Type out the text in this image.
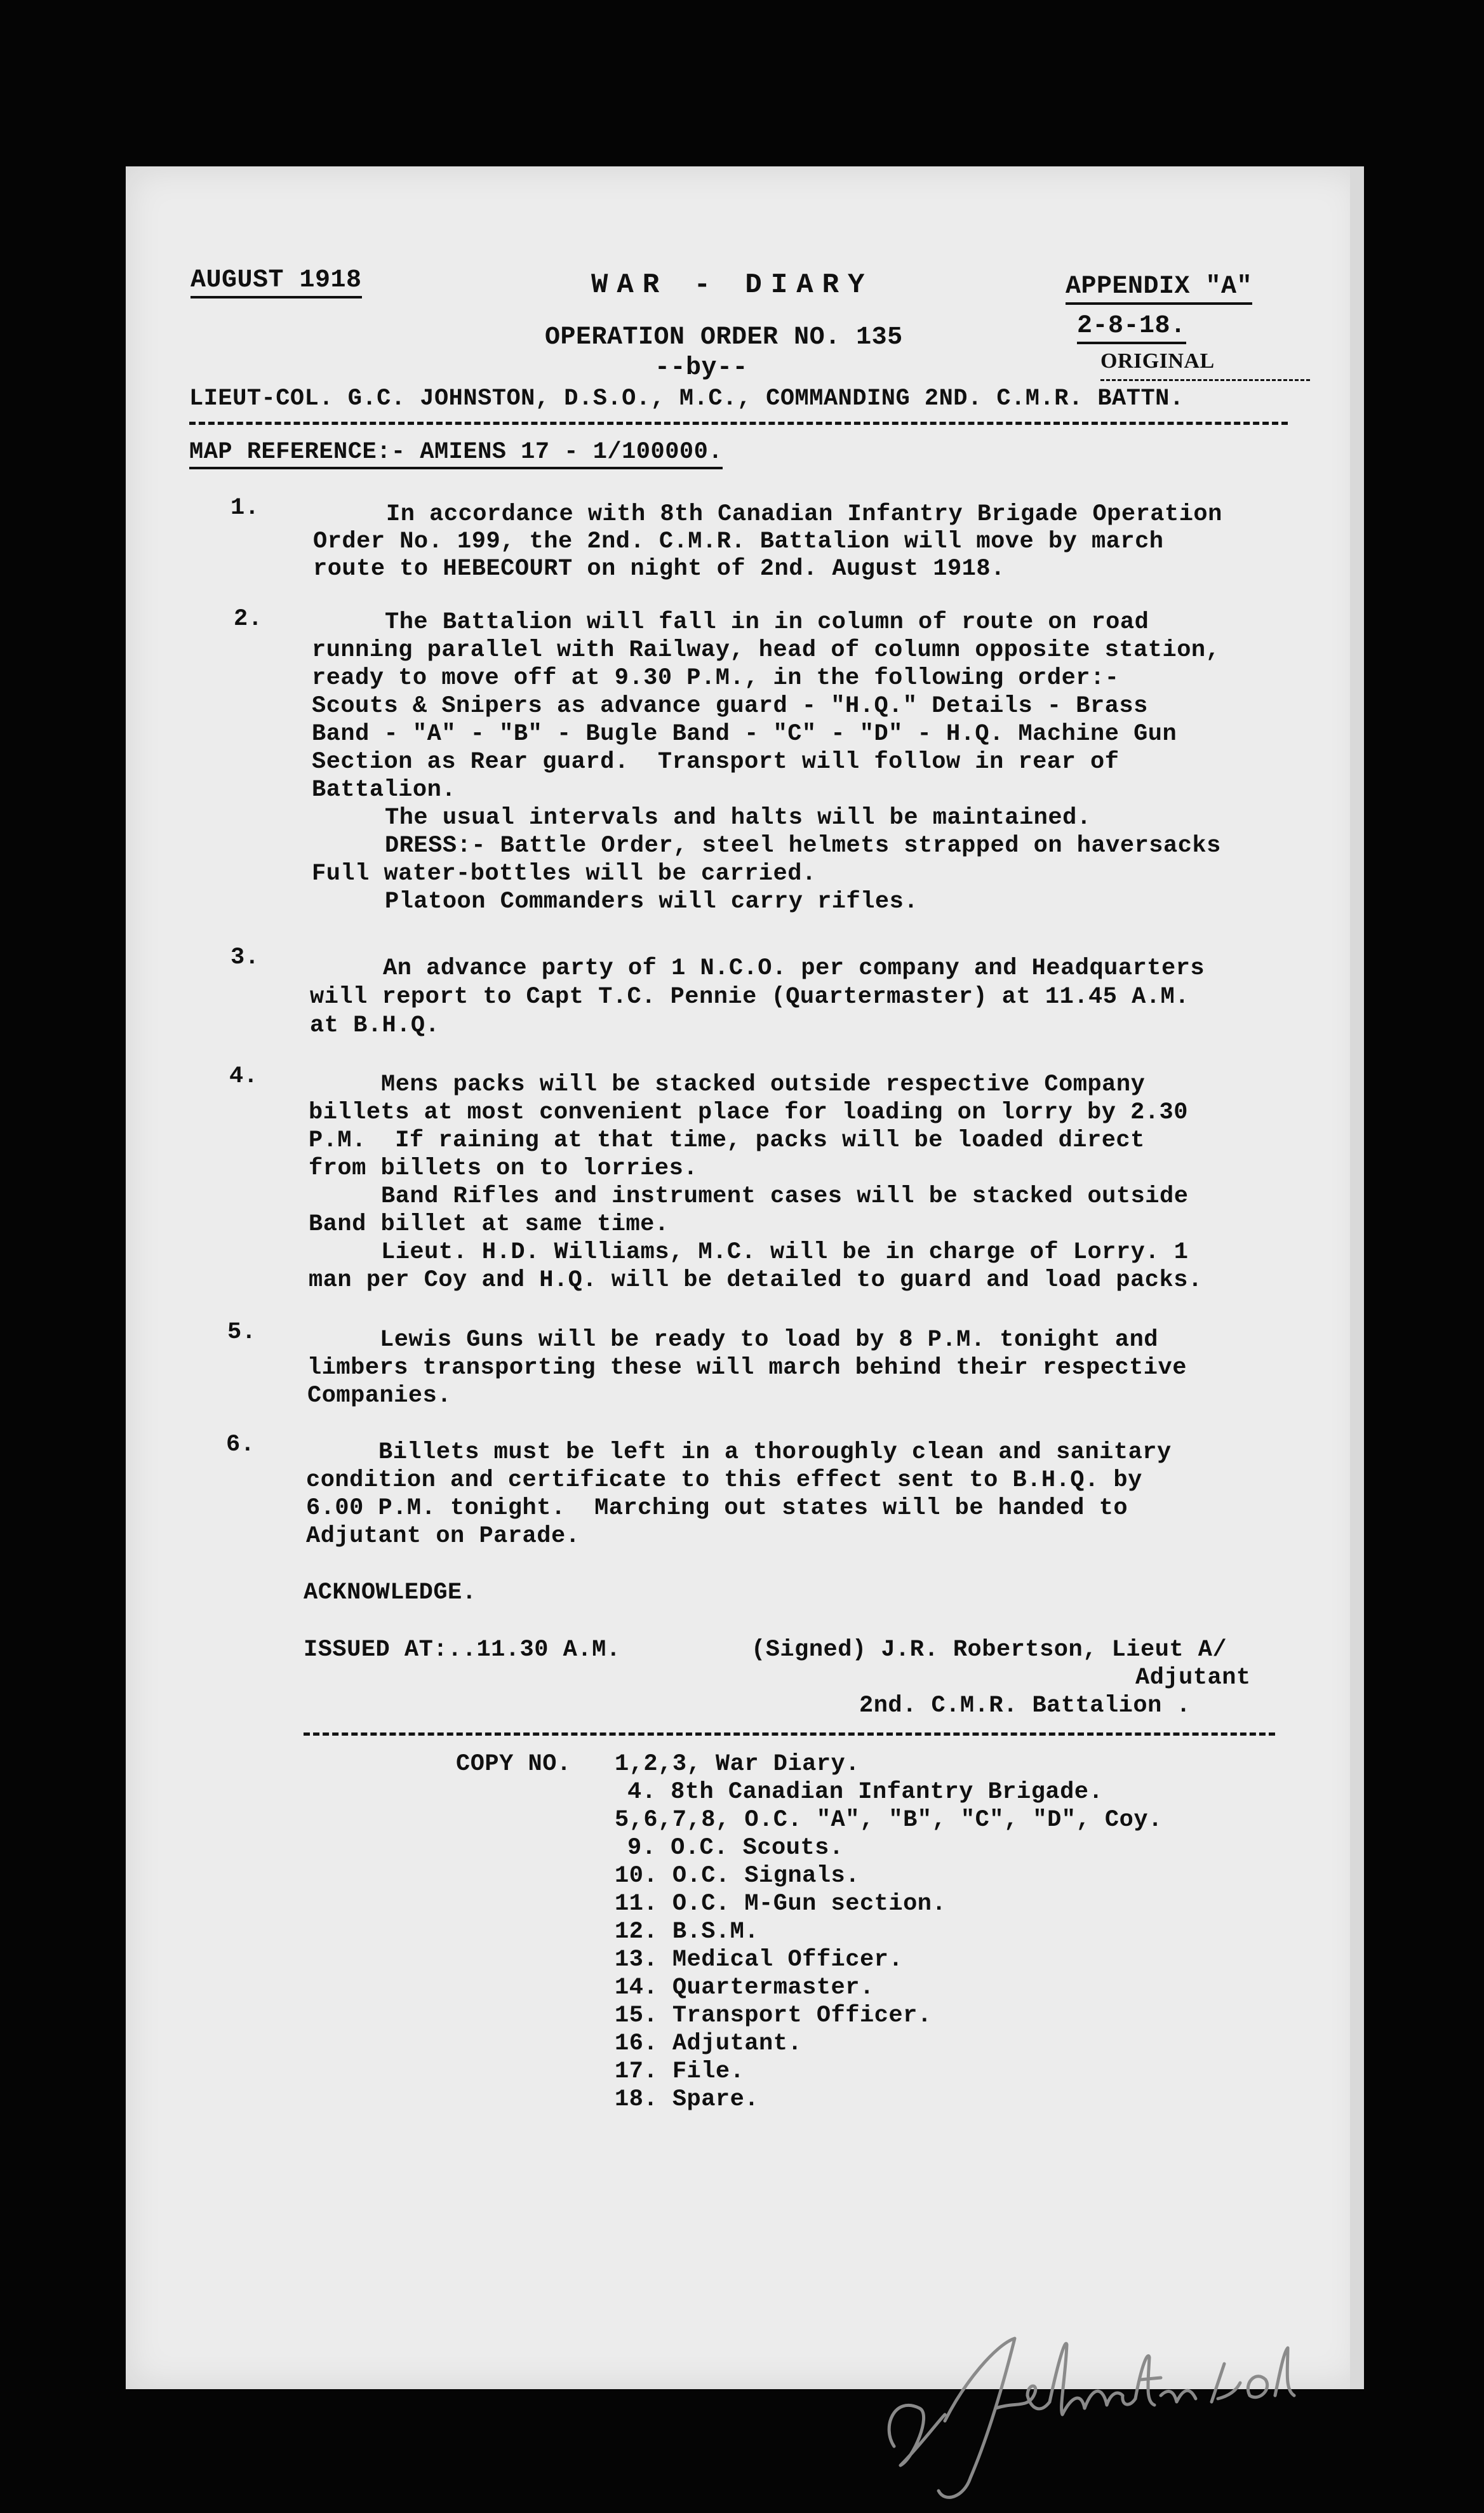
AUGUST 1918	WAR - DIARY	APPENDIX "A"
OPERATION ORDER NO. 135	2-8-18.
--by--	ORIGINAL
LIEUT-COL. G.C. JOHNSTON, D.S.O., M.C., COMMANDING 2ND. C.M.R. BATTN.
MAP REFERENCE:- AMIENS 17 - 1/100000.
1.	In accordance with 8th Canadian Infantry Brigade Operation
Order No. 199, the 2nd. C.M.R. Battalion will move by march
route to HEBECOURT on night of 2nd. August 1918.
2.	The Battalion will fall in in column of route on road
running parallel with Railway, head of column opposite station,
ready to move off at 9.30 P.M., in the following order:-
Scouts & Snipers as advance guard - "H.Q." Details - Brass
Band - "A" - "B" - Bugle Band - "C" - "D" - H.Q. Machine Gun
Section as Rear guard.  Transport will follow in rear of
Battalion.
The usual intervals and halts will be maintained.
DRESS:- Battle Order, steel helmets strapped on haversacks
Full water-bottles will be carried.
Platoon Commanders will carry rifles.
3.	An advance party of 1 N.C.O. per company and Headquarters
will report to Capt T.C. Pennie (Quartermaster) at 11.45 A.M.
at B.H.Q.
4.	Mens packs will be stacked outside respective Company
billets at most convenient place for loading on lorry by 2.30
P.M.  If raining at that time, packs will be loaded direct
from billets on to lorries.
Band Rifles and instrument cases will be stacked outside
Band billet at same time.
Lieut. H.D. Williams, M.C. will be in charge of Lorry. 1
man per Coy and H.Q. will be detailed to guard and load packs.
5.	Lewis Guns will be ready to load by 8 P.M. tonight and
limbers transporting these will march behind their respective
Companies.
6.	Billets must be left in a thoroughly clean and sanitary
condition and certificate to this effect sent to B.H.Q. by
6.00 P.M. tonight.  Marching out states will be handed to
Adjutant on Parade.
ACKNOWLEDGE.
ISSUED AT:..11.30 A.M.	(Signed) J.R. Robertson, Lieut A/
Adjutant
2nd. C.M.R. Battalion .
COPY NO. 1,2,3, War Diary.
4. 8th Canadian Infantry Brigade.
5,6,7,8, O.C. "A", "B", "C", "D", Coy.
9. O.C. Scouts.
10. O.C. Signals.
11. O.C. M-Gun section.
12. B.S.M.
13. Medical Officer.
14. Quartermaster.
15. Transport Officer.
16. Adjutant.
17. File.
18. Spare.
